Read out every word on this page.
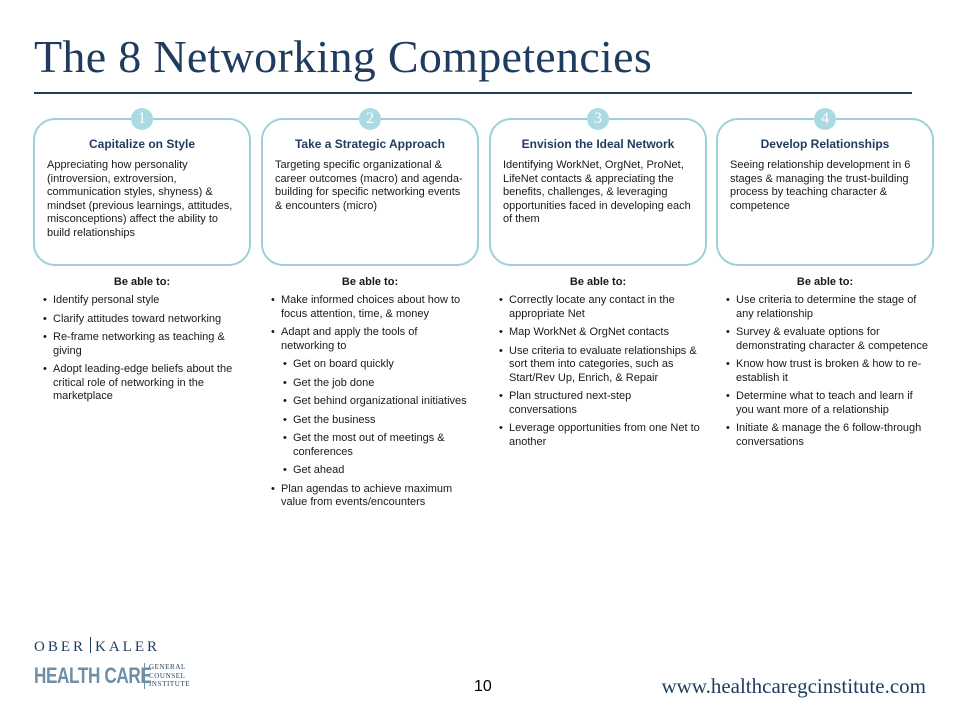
The 8 Networking Competencies
1
Capitalize on Style
Appreciating how personality (introversion, extroversion, communication styles, shyness) & mindset (previous learnings, attitudes, misconceptions) affect the ability to build relationships
Be able to:
• Identify personal style
• Clarify attitudes toward networking
• Re-frame networking as teaching & giving
• Adopt leading-edge beliefs about the critical role of networking in the marketplace
2
Take a Strategic Approach
Targeting specific organizational & career outcomes (macro) and agenda-building for specific networking events & encounters (micro)
Be able to:
• Make informed choices about how to focus attention, time, & money
• Adapt and apply the tools of networking to
• Get on board quickly
• Get the job done
• Get behind organizational initiatives
• Get the business
• Get the most out of meetings & conferences
• Get ahead
• Plan agendas to achieve maximum value from events/encounters
3
Envision the Ideal Network
Identifying WorkNet, OrgNet, ProNet, LifeNet contacts & appreciating the benefits, challenges, & leveraging opportunities faced in developing each of them
Be able to:
• Correctly locate any contact in the appropriate Net
• Map WorkNet & OrgNet contacts
• Use criteria to evaluate relationships & sort them into categories, such as Start/Rev Up, Enrich, & Repair
• Plan structured next-step conversations
• Leverage opportunities from one Net to another
4
Develop Relationships
Seeing relationship development in 6 stages & managing the trust-building process by teaching character & competence
Be able to:
• Use criteria to determine the stage of any relationship
• Survey & evaluate options for demonstrating character & competence
• Know how trust is broken & how to re-establish it
• Determine what to teach and learn if you want more of a relationship
• Initiate & manage the 6 follow-through conversations
OBER KALER
HEALTH CARE
GENERAL
COUNSEL
INSTITUTE	10	www.healthcaregcinstitute.com
